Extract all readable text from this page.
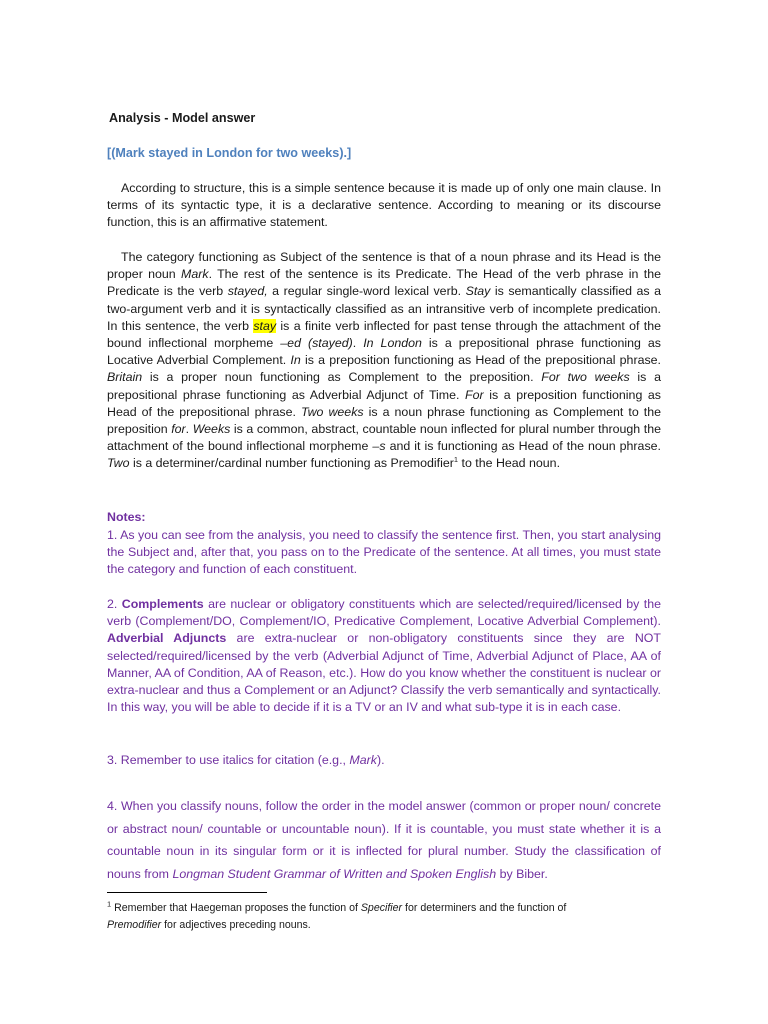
Analysis - Model answer
[(Mark stayed in London for two weeks).]

According to structure, this is a simple sentence because it is made up of only one main clause. In terms of its syntactic type, it is a declarative sentence. According to meaning or its discourse function, this is an affirmative statement.

The category functioning as Subject of the sentence is that of a noun phrase and its Head is the proper noun Mark. The rest of the sentence is its Predicate. The Head of the verb phrase in the Predicate is the verb stayed, a regular single-word lexical verb. Stay is semantically classified as a two-argument verb and it is syntactically classified as an intransitive verb of incomplete predication. In this sentence, the verb stay is a finite verb inflected for past tense through the attachment of the bound inflectional morpheme –ed (stayed). In London is a prepositional phrase functioning as Locative Adverbial Complement. In is a preposition functioning as Head of the prepositional phrase. Britain is a proper noun functioning as Complement to the preposition. For two weeks is a prepositional phrase functioning as Adverbial Adjunct of Time. For is a preposition functioning as Head of the prepositional phrase. Two weeks is a noun phrase functioning as Complement to the preposition for. Weeks is a common, abstract, countable noun inflected for plural number through the attachment of the bound inflectional morpheme –s and it is functioning as Head of the noun phrase. Two is a determiner/cardinal number functioning as Premodifier$^1$ to the Head noun.

Notes:

1. As you can see from the analysis, you need to classify the sentence first. Then, you start analysing the Subject and, after that, you pass on to the Predicate of the sentence. At all times, you must state the category and function of each constituent.

2. Complements are nuclear or obligatory constituents which are selected/required/licensed by the verb (Complement/DO, Complement/IO, Predicative Complement, Locative Adverbial Complement). Adverbial Adjuncts are extra-nuclear or non-obligatory constituents since they are NOT selected/required/licensed by the verb (Adverbial Adjunct of Time, Adverbial Adjunct of Place, AA of Manner, AA of Condition, AA of Reason, etc.). How do you know whether the constituent is nuclear or extra-nuclear and thus a Complement or an Adjunct? Classify the verb semantically and syntactically. In this way, you will be able to decide if it is a TV or an IV and what sub-type it is in each case.

3. Remember to use italics for citation (e.g., Mark).

4. When you classify nouns, follow the order in the model answer (common or proper noun/ concrete or abstract noun/ countable or uncountable noun). If it is countable, you must state whether it is a countable noun in its singular form or it is inflected for plural number. Study the classification of nouns from Longman Student Grammar of Written and Spoken English by Biber.

$^1$ Remember that Haegeman proposes the function of Specifier for determiners and the function of
Premodifier for adjectives preceding nouns.
